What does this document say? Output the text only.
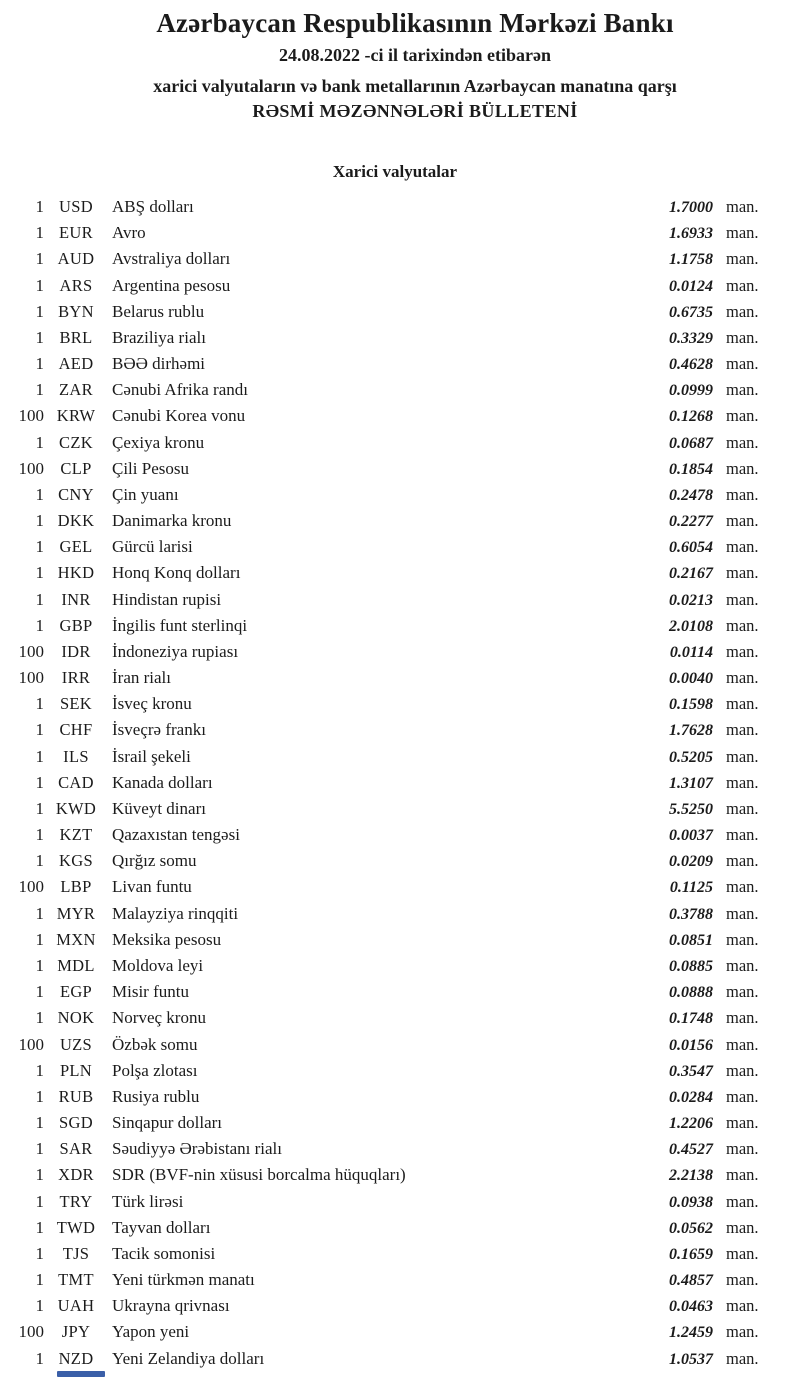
Azərbaycan Respublikasının Mərkəzi Bankı
24.08.2022 -ci il tarixindən etibarən
xarici valyutaların və bank metallarının Azərbaycan manatına qarşı
RƏSMİ MƏZƏNNƏLƏRİ BÜLLETENİ
Xarici valyutalar
1 USD	ABŞ dolları	1.7000 man.
1 EUR	Avro	1.6933 man.
1 AUD	Avstraliya dolları	1.1758 man.
1 ARS	Argentina pesosu	0.0124 man.
1 BYN	Belarus rublu	0.6735 man.
1 BRL	Braziliya rialı	0.3329 man.
1 AED	BƏƏ dirhəmi	0.4628 man.
1 ZAR	Cənubi Afrika randı	0.0999 man.
100 KRW Cənubi Korea vonu	0.1268 man.
1 CZK	Çexiya kronu	0.0687 man.
100 CLP	Çili Pesosu	0.1854 man.
1 CNY	Çin yuanı	0.2478 man.
1 DKK	Danimarka kronu	0.2277 man.
1 GEL	Gürcü larisi	0.6054 man.
1 HKD	Honq Konq dolları	0.2167 man.
1	INR	Hindistan rupisi	0.0213 man.
1 GBP	İngilis funt sterlinqi	2.0108 man.
100	IDR	İndoneziya rupiası	0.0114 man.
100	IRR	İran rialı	0.0040 man.
1 SEK	İsveç kronu	0.1598 man.
1 CHF	İsveçrə frankı	1.7628 man.
1	ILS	İsrail şekeli	0.5205 man.
1 CAD	Kanada dolları	1.3107 man.
1 KWD Küveyt dinarı	5.5250 man.
1 KZT	Qazaxıstan tengəsi	0.0037 man.
1 KGS	Qırğız somu	0.0209 man.
100 LBP	Livan funtu	0.1125 man.
1 MYR Malayziya rinqqiti	0.3788 man.
1 MXN Meksika pesosu	0.0851 man.
1 MDL	Moldova leyi	0.0885 man.
1 EGP	Misir funtu	0.0888 man.
1 NOK	Norveç kronu	0.1748 man.
100 UZS	Özbək somu	0.0156 man.
1 PLN	Polşa zlotası	0.3547 man.
1 RUB	Rusiya rublu	0.0284 man.
1 SGD	Sinqapur dolları	1.2206 man.
1 SAR	Səudiyyə Ərəbistanı rialı	0.4527 man.
1 XDR	SDR (BVF-nin xüsusi borcalma hüquqları)	2.2138 man.
1 TRY	Türk lirəsi	0.0938 man.
1 TWD Tayvan dolları	0.0562 man.
1	TJS	Tacik somonisi	0.1659 man.
1 TMT	Yeni türkmən manatı	0.4857 man.
1 UAH	Ukrayna qrivnası	0.0463 man.
100	JPY	Yapon yeni	1.2459 man.
1 NZD	Yeni Zelandiya dolları	1.0537 man.
